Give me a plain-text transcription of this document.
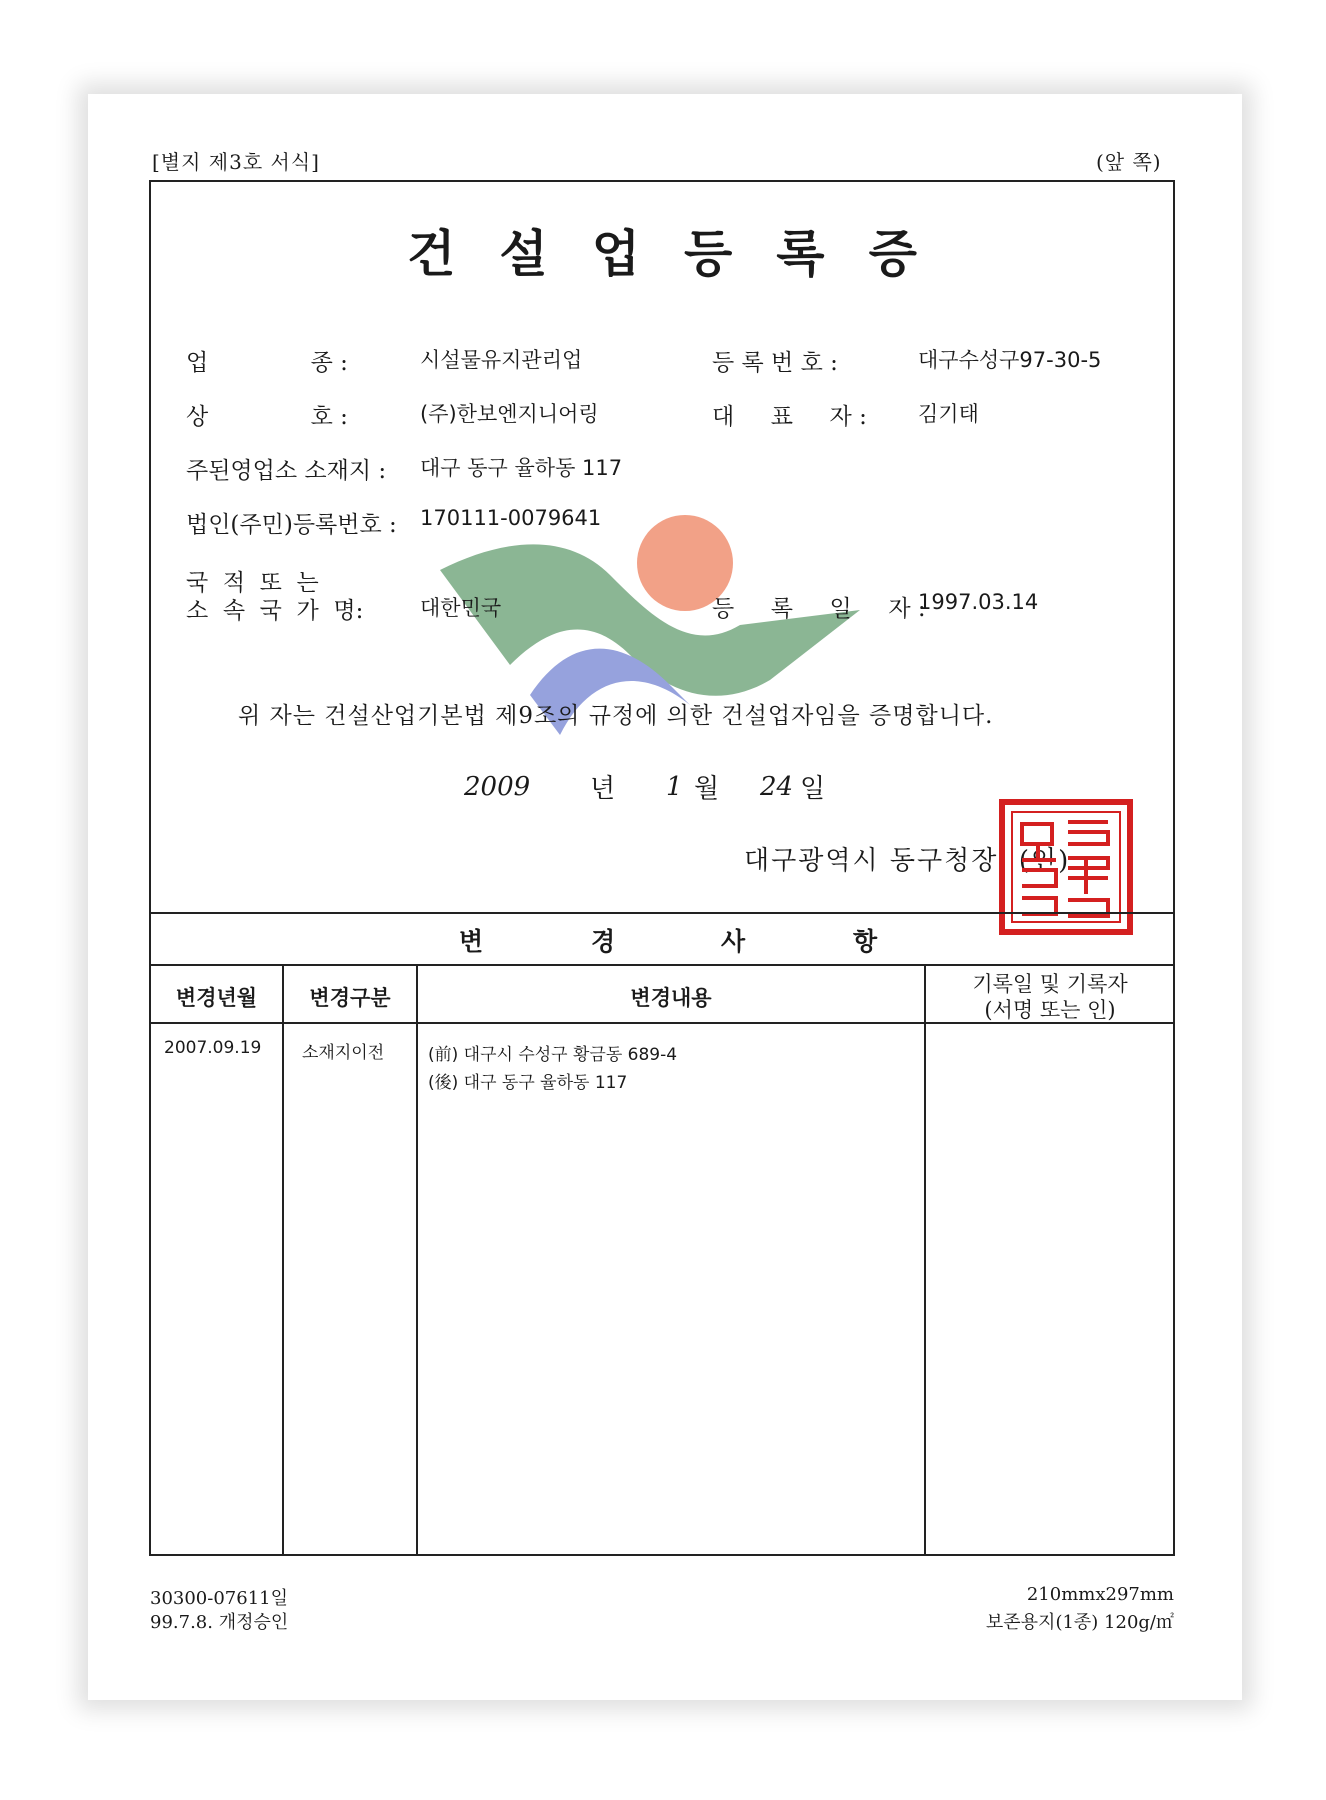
[별지 제3호 서식]	(앞 쪽)
건설업등록증
업              종 :	시설물유지관리업	등 록 번 호 :	대구수성구97-30-5
상              호 :	(주)한보엔지니어링	대     표     자 : 김기태
주된영업소 소재지 : 대구 동구 율하동 117
법인(주민)등록번호 : 170111-0079641
국  적  또  는
소  속  국  가  명:	대한민국	등     록     일     자 :
1997.03.14
위 자는 건설산업기본법 제9조의 규정에 의한 건설업자임을 증명합니다.
2009 년 1 월 24 일
대구광역시 동구청장  (인)
변	경	사	항
변경년월	변경구분	변경내용
기록일 및 기록자
(서명 또는 인)
2007.09.19 소재지이전	(前) 대구시 수성구 황금동 689-4
(後) 대구 동구 율하동 117
30300-07611일
99.7.8. 개정승인
210mmx297mm
보존용지(1종) 120g/㎡
